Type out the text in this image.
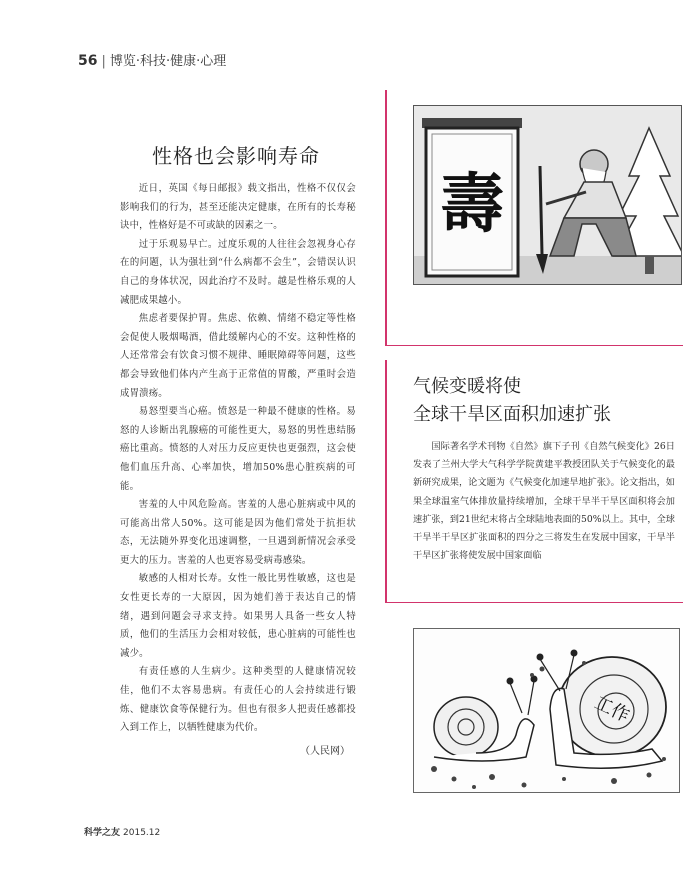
56 | 博览·科技·健康·心理
性格也会影响寿命

近日，英国《每日邮报》载文指出，性格不仅仅会影响我们的行为，甚至还能决定健康，在所有的长寿秘诀中，性格好是不可或缺的因素之一。

过于乐观易早亡。过度乐观的人往往会忽视身心存在的问题，认为强壮到“什么病都不会生”，会错误认识自己的身体状况，因此治疗不及时。越是性格乐观的人减肥成果越小。

焦虑者要保护胃。焦虑、依赖、情绪不稳定等性格会促使人吸烟喝酒，借此缓解内心的不安。这种性格的人还常常会有饮食习惯不规律、睡眠障碍等问题，这些都会导致他们体内产生高于正常值的胃酸，严重时会造成胃溃疡。

易怒型要当心癌。愤怒是一种最不健康的性格。易怒的人诊断出乳腺癌的可能性更大，易怒的男性患结肠癌比重高。愤怒的人对压力反应更快也更强烈，这会使他们血压升高、心率加快，增加50%患心脏疾病的可能。

害羞的人中风危险高。害羞的人患心脏病或中风的可能高出常人50%。这可能是因为他们常处于抗拒状态，无法随外界变化迅速调整，一旦遇到新情况会承受更大的压力。害羞的人也更容易受病毒感染。

敏感的人相对长寿。女性一般比男性敏感，这也是女性更长寿的一大原因，因为她们善于表达自己的情绪，遇到问题会寻求支持。如果男人具备一些女人特质，他们的生活压力会相对较低，患心脏病的可能性也减少。

有责任感的人生病少。这种类型的人健康情况较佳，他们不太容易患病。有责任心的人会持续进行锻炼、健康饮食等保健行为。但也有很多人把责任感都投入到工作上，以牺牲健康为代价。

（人民网）
壽
气候变暖将使
全球干旱区面积加速扩张

国际著名学术刊物《自然》旗下子刊《自然气候变化》26日发表了兰州大学大气科学学院黄建平教授团队关于气候变化的最新研究成果，论文题为《气候变化加速旱地扩张》。论文指出，如果全球温室气体排放量持续增加，全球干旱半干旱区面积将会加速扩张，到21世纪末将占全球陆地表面的50%以上。其中，全球干旱半干旱区扩张面积的四分之三将发生在发展中国家，干旱半干旱区扩张将使发展中国家面临

工作
科学之友 2015.12
